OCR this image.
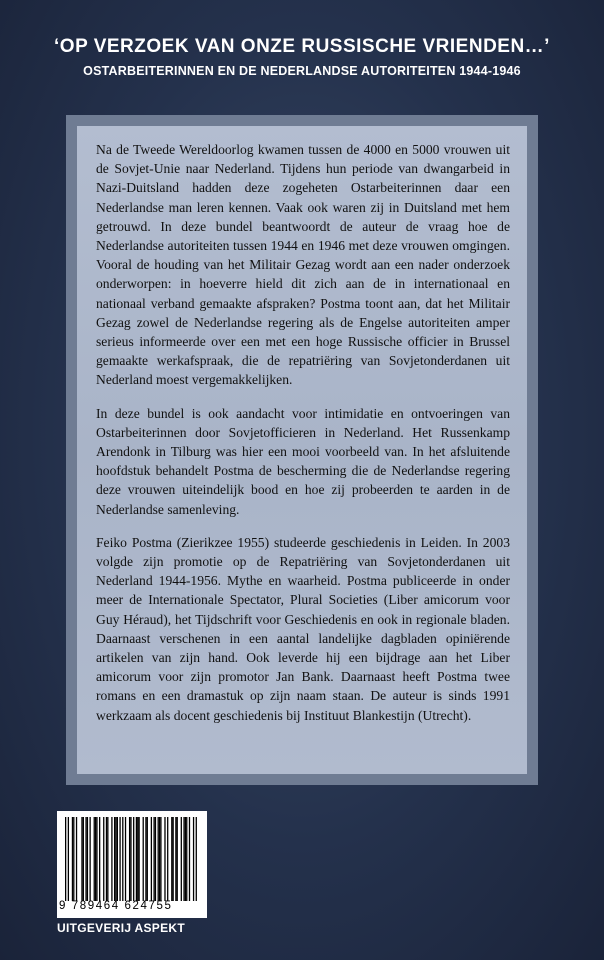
‘OP VERZOEK VAN ONZE RUSSISCHE VRIENDEN…’
OSTARBEITERINNEN EN DE NEDERLANDSE AUTORITEITEN 1944-1946

Na de Tweede Wereldoorlog kwamen tussen de 4000 en 5000 vrouwen uit de Sovjet-Unie naar Nederland. Tijdens hun periode van dwangarbeid in Nazi-Duitsland hadden deze zogeheten Ostarbeiterinnen daar een Nederlandse man leren kennen. Vaak ook waren zij in Duitsland met hem getrouwd. In deze bundel beantwoordt de auteur de vraag hoe de Nederlandse autoriteiten tussen 1944 en 1946 met deze vrouwen omgingen. Vooral de houding van het Militair Gezag wordt aan een nader onderzoek onderworpen: in hoeverre hield dit zich aan de in internationaal en nationaal verband gemaakte afspraken? Postma toont aan, dat het Militair Gezag zowel de Nederlandse regering als de Engelse autoriteiten amper serieus informeerde over een met een hoge Russische officier in Brussel gemaakte werkafspraak, die de repatriëring van Sovjetonderdanen uit Nederland moest vergemakkelijken.

In deze bundel is ook aandacht voor intimidatie en ontvoeringen van Ostarbeiterinnen door Sovjetofficieren in Nederland. Het Russenkamp Arendonk in Tilburg was hier een mooi voorbeeld van. In het afsluitende hoofdstuk behandelt Postma de bescherming die de Nederlandse regering deze vrouwen uiteindelijk bood en hoe zij probeerden te aarden in de Nederlandse samenleving.

Feiko Postma (Zierikzee 1955) studeerde geschiedenis in Leiden. In 2003 volgde zijn promotie op de Repatriëring van Sovjetonderdanen uit Nederland 1944-1956. Mythe en waarheid. Postma publiceerde in onder meer de Internationale Spectator, Plural Societies (Liber amicorum voor Guy Héraud), het Tijdschrift voor Geschiedenis en ook in regionale bladen. Daarnaast verschenen in een aantal landelijke dagbladen opiniërende artikelen van zijn hand. Ook leverde hij een bijdrage aan het Liber amicorum voor zijn promotor Jan Bank. Daarnaast heeft Postma twee romans en een dramastuk op zijn naam staan. De auteur is sinds 1991 werkzaam als docent geschiedenis bij Instituut Blankestijn (Utrecht).

9 789464 624755
UITGEVERIJ ASPEKT
